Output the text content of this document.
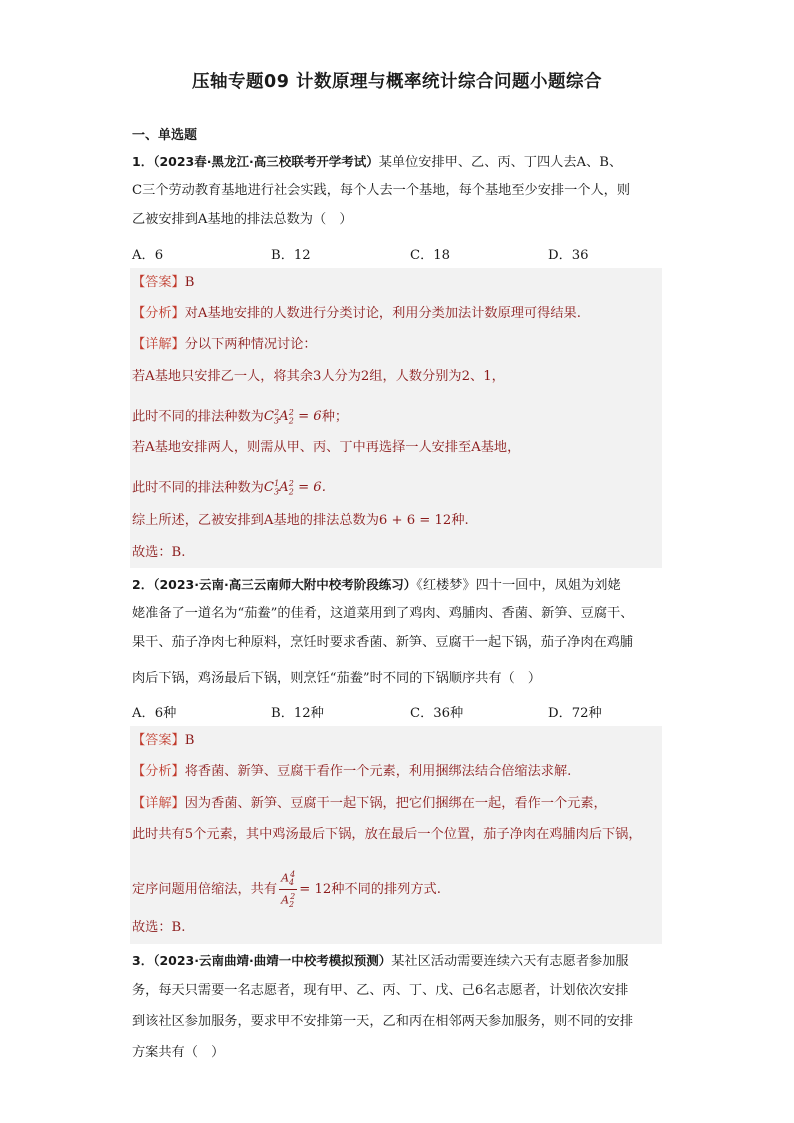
压轴专题09 计数原理与概率统计综合问题小题综合
一、单选题
1．（2023春·黑龙江·高三校联考开学考试）某单位安排甲、乙、丙、丁四人去A、B、
C三个劳动教育基地进行社会实践，每个人去一个基地，每个基地至少安排一个人，则
乙被安排到A基地的排法总数为（　）
A．6	B．12	C．18	D．36
【答案】B
【分析】对A基地安排的人数进行分类讨论，利用分类加法计数原理可得结果.
【详解】分以下两种情况讨论：
若A基地只安排乙一人，将其余3人分为2组，人数分别为2、1，
此时不同的排法种数为$C_3^2A_2^2 = 6$种；
若A基地安排两人，则需从甲、丙、丁中再选择一人安排至A基地，
此时不同的排法种数为$C_3^1A_2^2 = 6$.
综上所述，乙被安排到A基地的排法总数为6 + 6 = 12种.
故选：B.
2．（2023·云南·高三云南师大附中校考阶段练习）《红楼梦》四十一回中，凤姐为刘姥
姥准备了一道名为“茄鲞”的佳肴，这道菜用到了鸡肉、鸡脯肉、香菌、新笋、豆腐干、
果干、茄子净肉七种原料，烹饪时要求香菌、新笋、豆腐干一起下锅，茄子净肉在鸡脯
肉后下锅，鸡汤最后下锅，则烹饪“茄鲞”时不同的下锅顺序共有（　）
A．6种	B．12种	C．36种	D．72种
【答案】B
【分析】将香菌、新笋、豆腐干看作一个元素，利用捆绑法结合倍缩法求解.
【详解】因为香菌、新笋、豆腐干一起下锅，把它们捆绑在一起，看作一个元素，
此时共有5个元素，其中鸡汤最后下锅，放在最后一个位置，茄子净肉在鸡脯肉后下锅，
定序问题用倍缩法，共有 $\frac{A_4^4}{A_2^2} = 12$种不同的排列方式.
故选：B.
3．（2023·云南曲靖·曲靖一中校考模拟预测）某社区活动需要连续六天有志愿者参加服
务，每天只需要一名志愿者，现有甲、乙、丙、丁、戊、己6名志愿者，计划依次安排
到该社区参加服务，要求甲不安排第一天，乙和丙在相邻两天参加服务，则不同的安排
方案共有（　）
